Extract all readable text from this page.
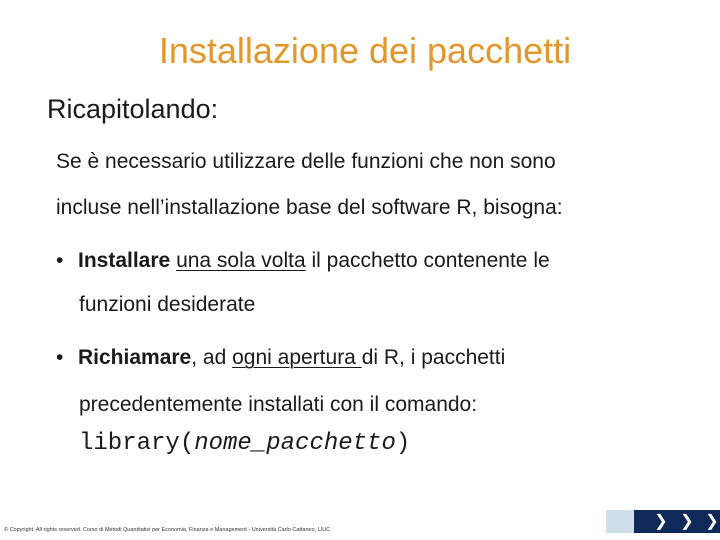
Installazione dei pacchetti
Ricapitolando:
Se è necessario utilizzare delle funzioni che non sono
incluse nell’installazione base del software R, bisogna:
• Installare una sola volta il pacchetto contenente le
funzioni desiderate
• Richiamare, ad ogni apertura di R, i pacchetti
precedentemente installati con il comando:
library(nome_pacchetto)
© Copyright. All rights reserved. Corso di Metodi Quantitativi per Economia, Finanza e Management - Università Carlo Cattaneo, LIUC	❯ ❯ ❯
